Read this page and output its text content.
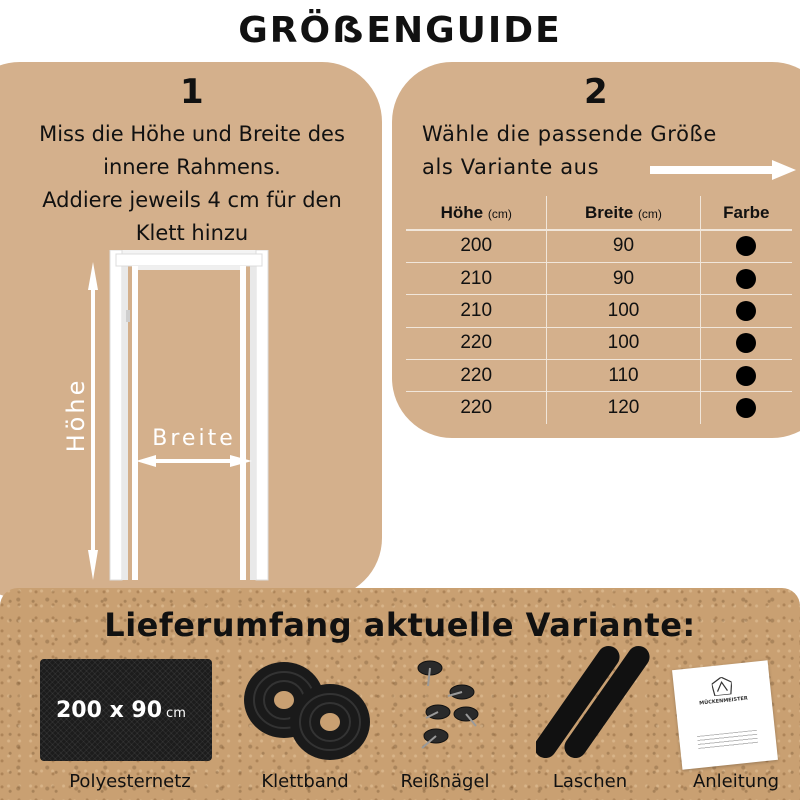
GRÖẞENGUIDE
1	2
Miss die Höhe und Breite des
innere Rahmens.
Addiere jeweils 4 cm für den
Klett hinzu
Wähle die passende Größe
als Variante aus
Höhe (cm)	Breite (cm)	Farbe
200	90	
210	90	
210	100	
220	100	
220	110	
220	120	
Höhe	Breite
Lieferumfang aktuelle Variante:
200 x 90 cm
MÜCKENMEISTER
Polyesternetz	Klettband	Reißnägel	Laschen	Anleitung
